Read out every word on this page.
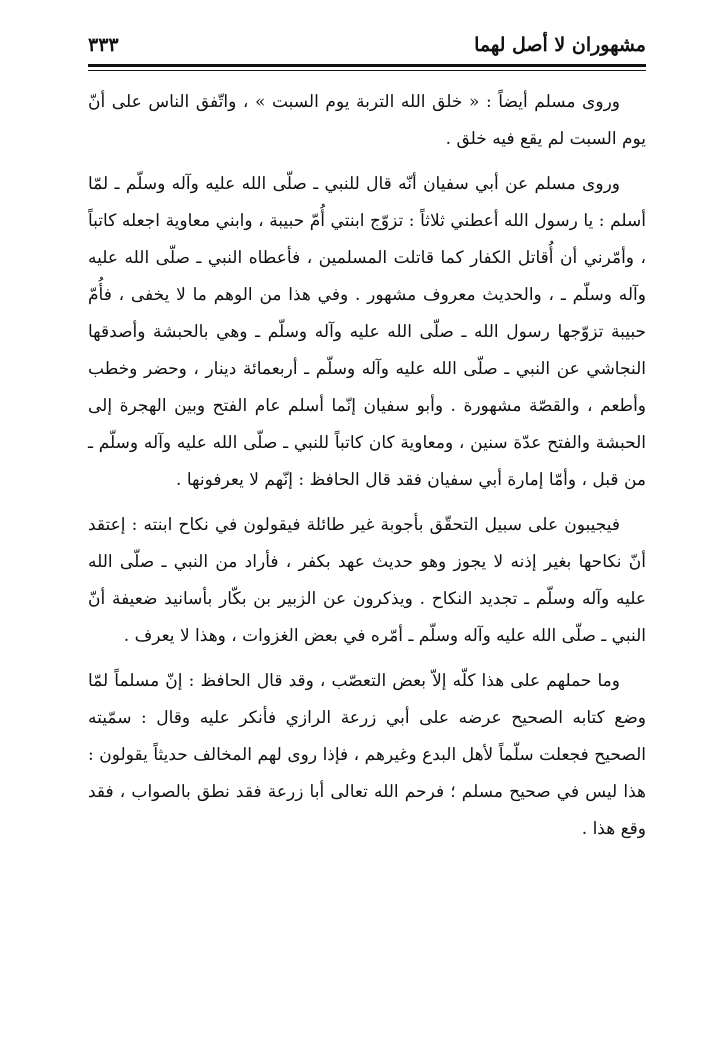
مشهوران لا أصل لهما
٣٣٣

وروى مسلم أيضاً : « خلق الله التربة يوم السبت » ، واتّفق الناس على أنّ يوم السبت لم يقع فيه خلق .

وروى مسلم عن أبي سفيان أنّه قال للنبي ـ صلّى الله عليه وآله وسلّم ـ لمّا أسلم : يا رسول الله أعطني ثلاثاً : تزوّج ابنتي أُمّ حبيبة ، وابني معاوية اجعله كاتباً ، وأمّرني أن أُقاتل الكفار كما قاتلت المسلمين ، فأعطاه النبي ـ صلّى الله عليه وآله وسلّم ـ ، والحديث معروف مشهور . وفي هذا من الوهم ما لا يخفى ، فأُمّ حبيبة تزوّجها رسول الله ـ صلّى الله عليه وآله وسلّم ـ وهي بالحبشة وأصدقها النجاشي عن النبي ـ صلّى الله عليه وآله وسلّم ـ أربعمائة دينار ، وحضر وخطب وأطعم ، والقصّة مشهورة . وأبو سفيان إنّما أسلم عام الفتح وبين الهجرة إلى الحبشة والفتح عدّة سنين ، ومعاوية كان كاتباً للنبي ـ صلّى الله عليه وآله وسلّم ـ من قبل ، وأمّا إمارة أبي سفيان فقد قال الحافظ : إنّهم لا يعرفونها .

فيجيبون على سبيل التحقّق بأجوبة غير طائلة فيقولون في نكاح ابنته : إعتقد أنّ نكاحها بغير إذنه لا يجوز وهو حديث عهد بكفر ، فأراد من النبي ـ صلّى الله عليه وآله وسلّم ـ تجديد النكاح . ويذكرون عن الزبير بن بكّار بأسانيد ضعيفة أنّ النبي ـ صلّى الله عليه وآله وسلّم ـ أمّره في بعض الغزوات ، وهذا لا يعرف .

وما حملهم على هذا كلّه إلاّ بعض التعصّب ، وقد قال الحافظ : إنّ مسلماً لمّا وضع كتابه الصحيح عرضه على أبي زرعة الرازي فأنكر عليه وقال : سمّيته الصحيح فجعلت سلّماً لأهل البدع وغيرهم ، فإذا روى لهم المخالف حديثاً يقولون : هذا ليس في صحيح مسلم ؛ فرحم الله تعالى أبا زرعة فقد نطق بالصواب ، فقد وقع هذا .
